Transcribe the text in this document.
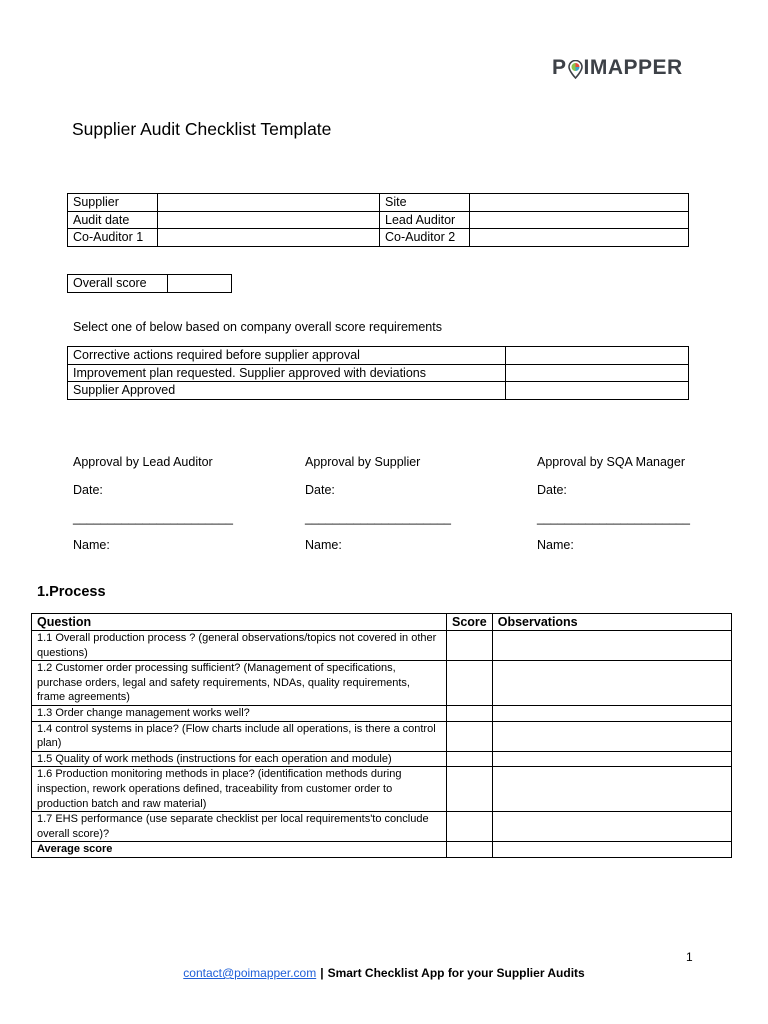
P IMAPPER
Supplier Audit Checklist Template
Supplier		Site	
Audit date		Lead Auditor	
Co-Auditor 1		Co-Auditor 2	
Overall score	
Select one of below based on company overall score requirements
Corrective actions required before supplier approval	
Improvement plan requested. Supplier approved with deviations	
Supplier Approved	
Approval by Lead Auditor
Date:
_______________________
Name:
Approval by Supplier
Date:
_____________________
Name:
Approval by SQA Manager
Date:
______________________
Name:
1.Process
Question	Score	Observations
1.1 Overall production process ? (general observations/topics not covered in other questions)		
1.2 Customer order processing sufficient? (Management of specifications, purchase orders, legal and safety requirements, NDAs, quality requirements, frame agreements)		
1.3 Order change management works well?		
1.4 control systems in place? (Flow charts include all operations, is there a control plan)		
1.5 Quality of work methods (instructions for each operation and module)		
1.6 Production monitoring methods in place? (identification methods during inspection, rework operations defined, traceability from customer order to production batch and raw material)		
1.7 EHS performance (use separate checklist per local requirements'to conclude overall score)?		
Average score		
1
contact@poimapper.com | Smart Checklist App for your Supplier Audits
